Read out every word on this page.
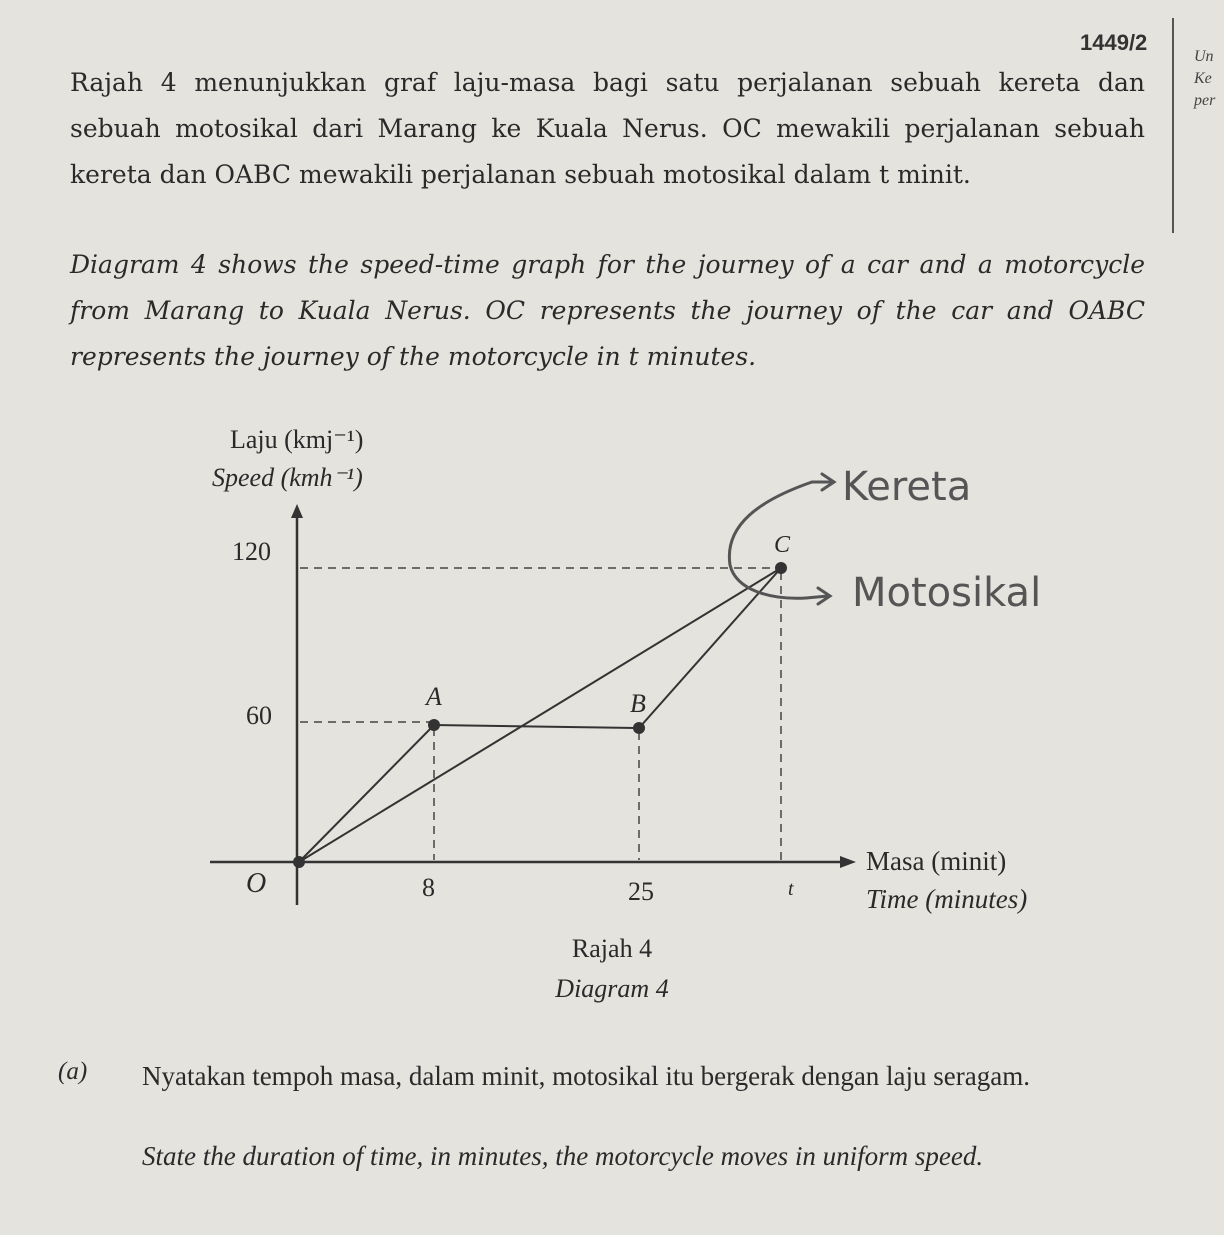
1449/2
Un
Ke
per
Rajah 4 menunjukkan graf laju-masa bagi satu perjalanan sebuah kereta dan sebuah motosikal dari Marang ke Kuala Nerus. OC mewakili perjalanan sebuah kereta dan OABC mewakili perjalanan sebuah motosikal dalam t minit.
Diagram 4 shows the speed-time graph for the journey of a car and a motorcycle from Marang to Kuala Nerus. OC represents the journey of the car and OABC represents the journey of the motorcycle in t minutes.
Laju (kmj⁻¹)
Speed (kmh⁻¹)
120
60
O	8	25	t
A	B
C
Masa (minit)
Time (minutes)
Kereta
Motosikal
Rajah 4
Diagram 4
(a) Nyatakan tempoh masa, dalam minit, motosikal itu bergerak dengan laju seragam.
State the duration of time, in minutes, the motorcycle moves in uniform speed.
